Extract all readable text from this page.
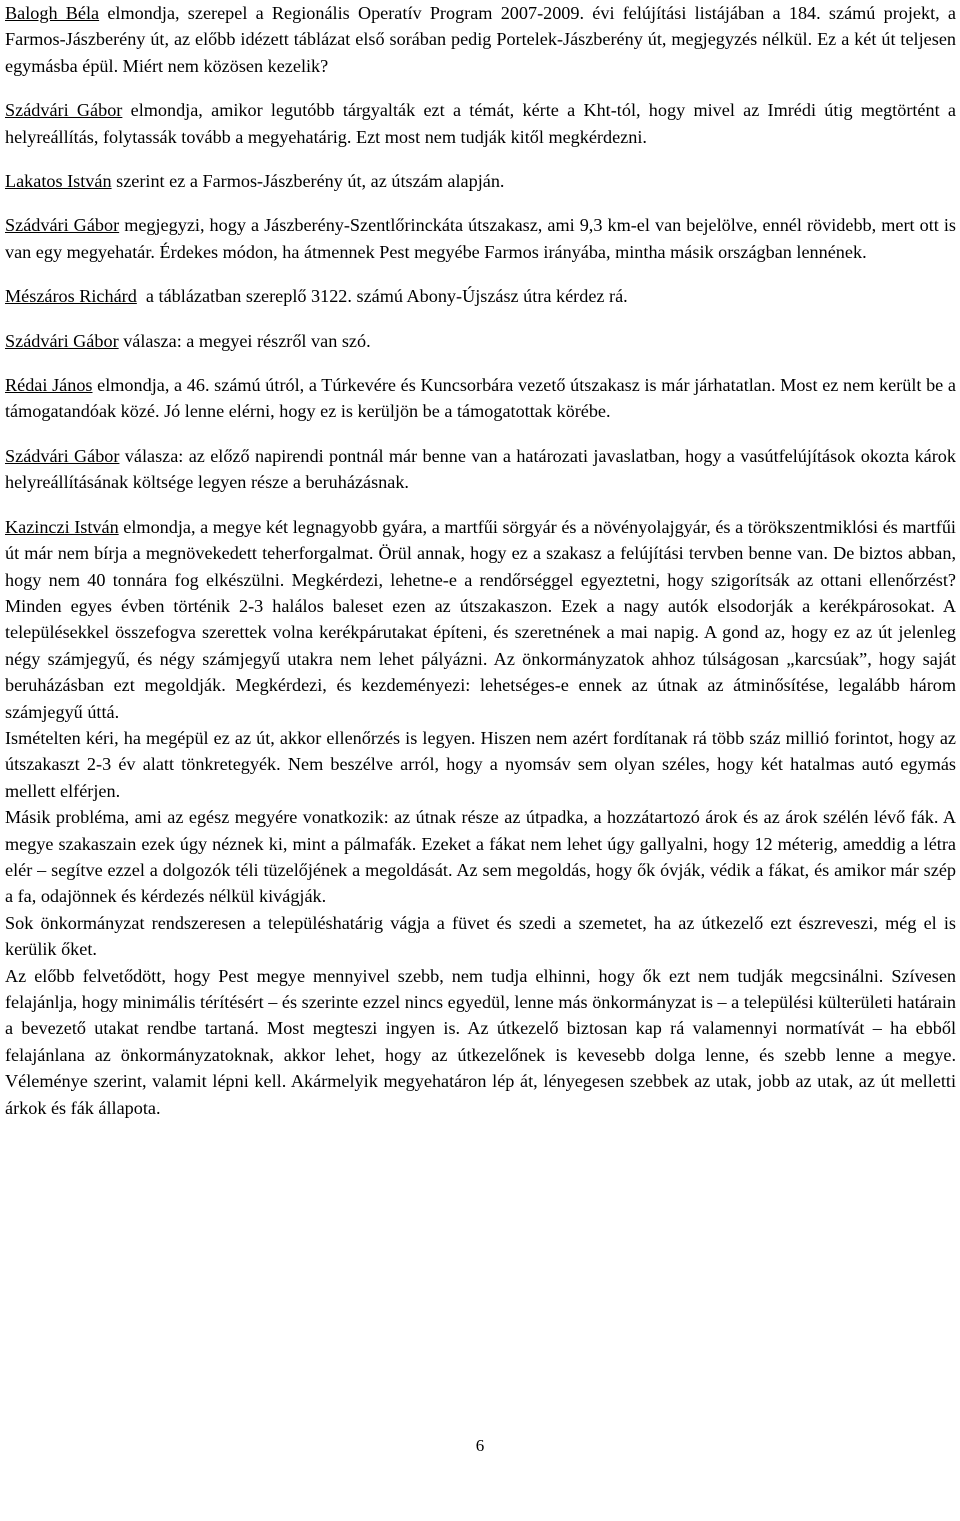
Balogh Béla elmondja, szerepel a Regionális Operatív Program 2007-2009. évi felújítási listájában a 184. számú projekt, a Farmos-Jászberény út, az előbb idézett táblázat első sorában pedig Portelek-Jászberény út, megjegyzés nélkül. Ez a két út teljesen egymásba épül. Miért nem közösen kezelik?

Szádvári Gábor elmondja, amikor legutóbb tárgyalták ezt a témát, kérte a Kht-tól, hogy mivel az Imrédi útig megtörtént a helyreállítás, folytassák tovább a megyehatárig. Ezt most nem tudják kitől megkérdezni.

Lakatos István szerint ez a Farmos-Jászberény út, az útszám alapján.

Szádvári Gábor megjegyzi, hogy a Jászberény-Szentlőrinckáta útszakasz, ami 9,3 km-el van bejelölve, ennél rövidebb, mert ott is van egy megyehatár. Érdekes módon, ha átmennek Pest megyébe Farmos irányába, mintha másik országban lennének.

Mészáros Richárd  a táblázatban szereplő 3122. számú Abony-Újszász útra kérdez rá.

Szádvári Gábor válasza: a megyei részről van szó.

Rédai János elmondja, a 46. számú útról, a Túrkevére és Kuncsorbára vezető útszakasz is már járhatatlan. Most ez nem került be a támogatandóak közé. Jó lenne elérni, hogy ez is kerüljön be a támogatottak körébe.

Szádvári Gábor válasza: az előző napirendi pontnál már benne van a határozati javaslatban, hogy a vasútfelújítások okozta károk helyreállításának költsége legyen része a beruházásnak.

Kazinczi István elmondja, a megye két legnagyobb gyára, a martfűi sörgyár és a növényolajgyár, és a törökszentmiklósi és martfűi út már nem bírja a megnövekedett teherforgalmat. Örül annak, hogy ez a szakasz a felújítási tervben benne van. De biztos abban, hogy nem 40 tonnára fog elkészülni. Megkérdezi, lehetne-e a rendőrséggel egyeztetni, hogy szigorítsák az ottani ellenőrzést? Minden egyes évben történik 2-3 halálos baleset ezen az útszakaszon. Ezek a nagy autók elsodorják a kerékpárosokat. A településekkel összefogva szerettek volna kerékpárutakat építeni, és szeretnének a mai napig. A gond az, hogy ez az út jelenleg négy számjegyű, és négy számjegyű utakra nem lehet pályázni. Az önkormányzatok ahhoz túlságosan „karcsúak”, hogy saját beruházásban ezt megoldják. Megkérdezi, és kezdeményezi: lehetséges-e ennek az útnak az átminősítése, legalább három számjegyű úttá.

Ismételten kéri, ha megépül ez az út, akkor ellenőrzés is legyen. Hiszen nem azért fordítanak rá több száz millió forintot, hogy az útszakaszt 2-3 év alatt tönkretegyék. Nem beszélve arról, hogy a nyomsáv sem olyan széles, hogy két hatalmas autó egymás mellett elférjen.

Másik probléma, ami az egész megyére vonatkozik: az útnak része az útpadka, a hozzátartozó árok és az árok szélén lévő fák. A megye szakaszain ezek úgy néznek ki, mint a pálmafák. Ezeket a fákat nem lehet úgy gallyalni, hogy 12 méterig, ameddig a létra elér – segítve ezzel a dolgozók téli tüzelőjének a megoldását. Az sem megoldás, hogy ők óvják, védik a fákat, és amikor már szép a fa, odajönnek és kérdezés nélkül kivágják.

Sok önkormányzat rendszeresen a településhatárig vágja a füvet és szedi a szemetet, ha az útkezelő ezt észreveszi, még el is kerülik őket.

Az előbb felvetődött, hogy Pest megye mennyivel szebb, nem tudja elhinni, hogy ők ezt nem tudják megcsinálni. Szívesen felajánlja, hogy minimális térítésért – és szerinte ezzel nincs egyedül, lenne más önkormányzat is – a települési külterületi határain a bevezető utakat rendbe tartaná. Most megteszi ingyen is. Az útkezelő biztosan kap rá valamennyi normatívát – ha ebből felajánlana az önkormányzatoknak, akkor lehet, hogy az útkezelőnek is kevesebb dolga lenne, és szebb lenne a megye. Véleménye szerint, valamit lépni kell. Akármelyik megyehatáron lép át, lényegesen szebbek az utak, jobb az utak, az út melletti árkok és fák állapota.

6
